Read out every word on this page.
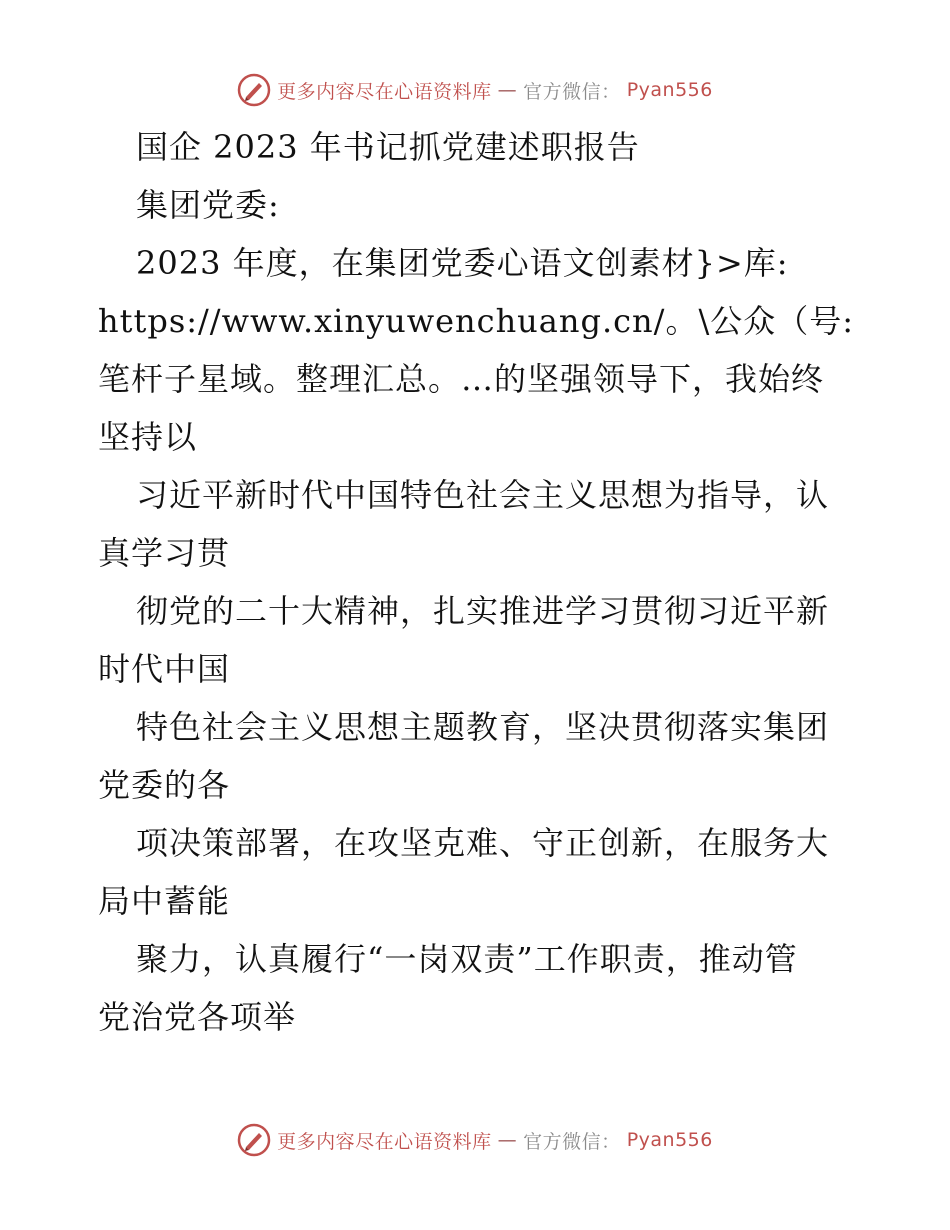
更多内容尽在心语资料库 — 官方微信： Pyan556
国企 2023 年书记抓党建述职报告
集团党委:
2023 年度，在集团党委心语文创素材}>库:
https://www.xinyuwenchuang.cn/。\公众（号:
笔杆子星域。整理汇总。…的坚强领导下，我始终
坚持以
习近平新时代中国特色社会主义思想为指导，认
真学习贯
彻党的二十大精神，扎实推进学习贯彻习近平新
时代中国
特色社会主义思想主题教育，坚决贯彻落实集团
党委的各
项决策部署，在攻坚克难、守正创新，在服务大
局中蓄能
聚力，认真履行“一岗双责”工作职责，推动管
党治党各项举
更多内容尽在心语资料库 — 官方微信： Pyan556
